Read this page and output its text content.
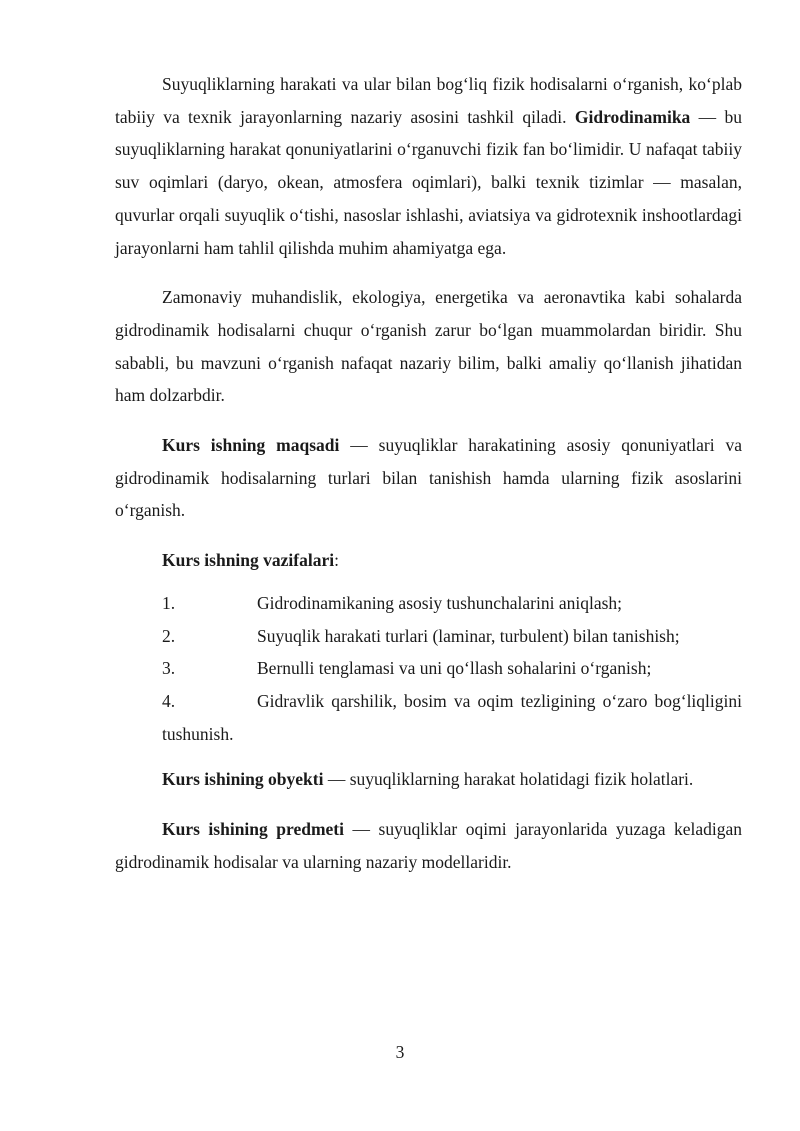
Suyuqliklarning harakati va ular bilan bog‘liq fizik hodisalarni o‘rganish, ko‘plab tabiiy va texnik jarayonlarning nazariy asosini tashkil qiladi. Gidrodinamika — bu suyuqliklarning harakat qonuniyatlarini o‘rganuvchi fizik fan bo‘limidir. U nafaqat tabiiy suv oqimlari (daryo, okean, atmosfera oqimlari), balki texnik tizimlar — masalan, quvurlar orqali suyuqlik o‘tishi, nasoslar ishlashi, aviatsiya va gidrotexnik inshootlardagi jarayonlarni ham tahlil qilishda muhim ahamiyatga ega.

Zamonaviy muhandislik, ekologiya, energetika va aeronavtika kabi sohalarda gidrodinamik hodisalarni chuqur o‘rganish zarur bo‘lgan muammolardan biridir. Shu sababli, bu mavzuni o‘rganish nafaqat nazariy bilim, balki amaliy qo‘llanish jihatidan ham dolzarbdir.

Kurs ishning maqsadi — suyuqliklar harakatining asosiy qonuniyatlari va gidrodinamik hodisalarning turlari bilan tanishish hamda ularning fizik asoslarini o‘rganish.

Kurs ishning vazifalari:

1.	Gidrodinamikaning asosiy tushunchalarini aniqlash;
2.	Suyuqlik harakati turlari (laminar, turbulent) bilan tanishish;
3.	Bernulli tenglamasi va uni qo‘llash sohalarini o‘rganish;
4.	Gidravlik qarshilik, bosim va oqim tezligining o‘zaro bog‘liqligini tushunish.

Kurs ishining obyekti — suyuqliklarning harakat holatidagi fizik holatlari.

Kurs ishining predmeti — suyuqliklar oqimi jarayonlarida yuzaga keladigan gidrodinamik hodisalar va ularning nazariy modellaridir.

3
